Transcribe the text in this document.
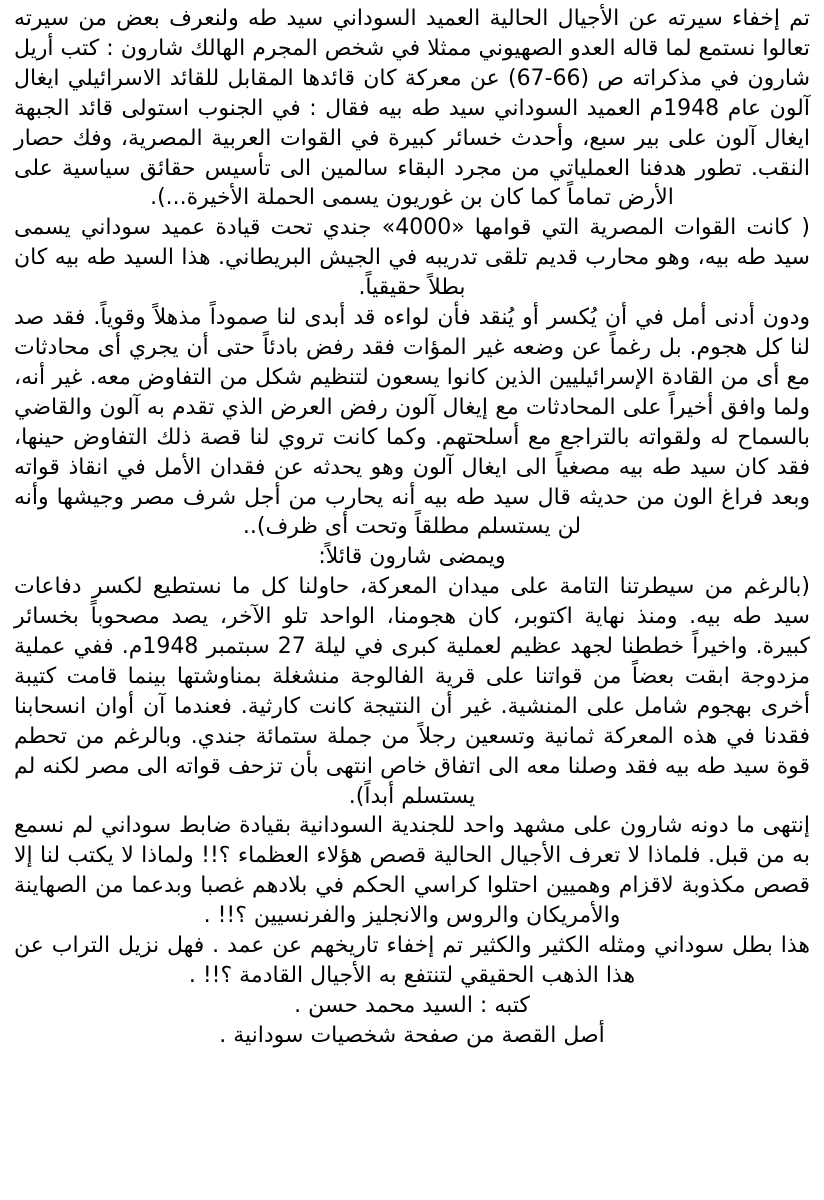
تم إخفاء سيرته عن الأجيال الحالية العميد السوداني سيد طه ولنعرف بعض من سيرته تعالوا نستمع لما قاله العدو الصهيوني ممثلا في شخص المجرم الهالك شارون : كتب أريل شارون في مذكراته ص (66-67) عن معركة كان قائدها المقابل للقائد الاسرائيلي ايغال آلون عام 1948م العميد السوداني سيد طه بيه فقال : في الجنوب استولى قائد الجبهة ايغال آلون على بير سبع، وأحدث خسائر كبيرة في القوات العربية المصرية، وفك حصار النقب. تطور هدفنا العملياتي من مجرد البقاء سالمين الى تأسيس حقائق سياسية على الأرض تماماً كما كان بن غوريون يسمى الحملة الأخيرة...).

( كانت القوات المصرية التي قوامها «4000» جندي تحت قيادة عميد سوداني يسمى سيد طه بيه، وهو محارب قديم تلقى تدريبه في الجيش البريطاني. هذا السيد طه بيه كان بطلاً حقيقياً.

ودون أدنى أمل في أن يُكسر أو يُنقد فأن لواءه قد أبدى لنا صموداً مذهلاً وقوياً. فقد صد لنا كل هجوم. بل رغماً عن وضعه غير المؤات فقد رفض بادئاً حتى أن يجري أى محادثات مع أى من القادة الإسرائيليين الذين كانوا يسعون لتنظيم شكل من التفاوض معه. غير أنه، ولما وافق أخيراً على المحادثات مع إيغال آلون رفض العرض الذي تقدم به آلون والقاضي بالسماح له ولقواته بالتراجع مع أسلحتهم. وكما كانت تروي لنا قصة ذلك التفاوض حينها، فقد كان سيد طه بيه مصغياً الى ايغال آلون وهو يحدثه عن فقدان الأمل في انقاذ قواته وبعد فراغ الون من حديثه قال سيد طه بيه أنه يحارب من أجل شرف مصر وجيشها وأنه لن يستسلم مطلقاً وتحت أى ظرف)..

ويمضى شارون قائلاً:

(بالرغم من سيطرتنا التامة على ميدان المعركة، حاولنا كل ما نستطيع لكسر دفاعات سيد طه بيه. ومنذ نهاية اكتوبر، كان هجومنا، الواحد تلو الآخر، يصد مصحوباً بخسائر كبيرة. واخيراً خططنا لجهد عظيم لعملية كبرى في ليلة 27 سبتمبر 1948م. ففي عملية مزدوجة ابقت بعضاً من قواتنا على قرية الفالوجة منشغلة بمناوشتها بينما قامت كتيبة أخرى بهجوم شامل على المنشية. غير أن النتيجة كانت كارثية. فعندما آن أوان انسحابنا فقدنا في هذه المعركة ثمانية وتسعين رجلاً من جملة ستمائة جندي. وبالرغم من تحطم قوة سيد طه بيه فقد وصلنا معه الى اتفاق خاص انتهى بأن تزحف قواته الى مصر لكنه لم يستسلم أبداً).

إنتهى ما دونه شارون على مشهد واحد للجندية السودانية بقيادة ضابط سوداني لم نسمع به من قبل. فلماذا لا تعرف الأجيال الحالية قصص هؤلاء العظماء ؟!! ولماذا لا يكتب لنا إلا قصص مكذوبة لاقزام وهميين احتلوا كراسي الحكم في بلادهم غصبا وبدعما من الصهاينة والأمريكان والروس والانجليز والفرنسيين ؟!! .

هذا بطل سوداني ومثله الكثير والكثير تم إخفاء تاريخهم عن عمد . فهل نزيل التراب عن هذا الذهب الحقيقي لتنتفع به الأجيال القادمة ؟!! .

كتبه : السيد محمد حسن .

أصل القصة من صفحة شخصيات سودانية .
